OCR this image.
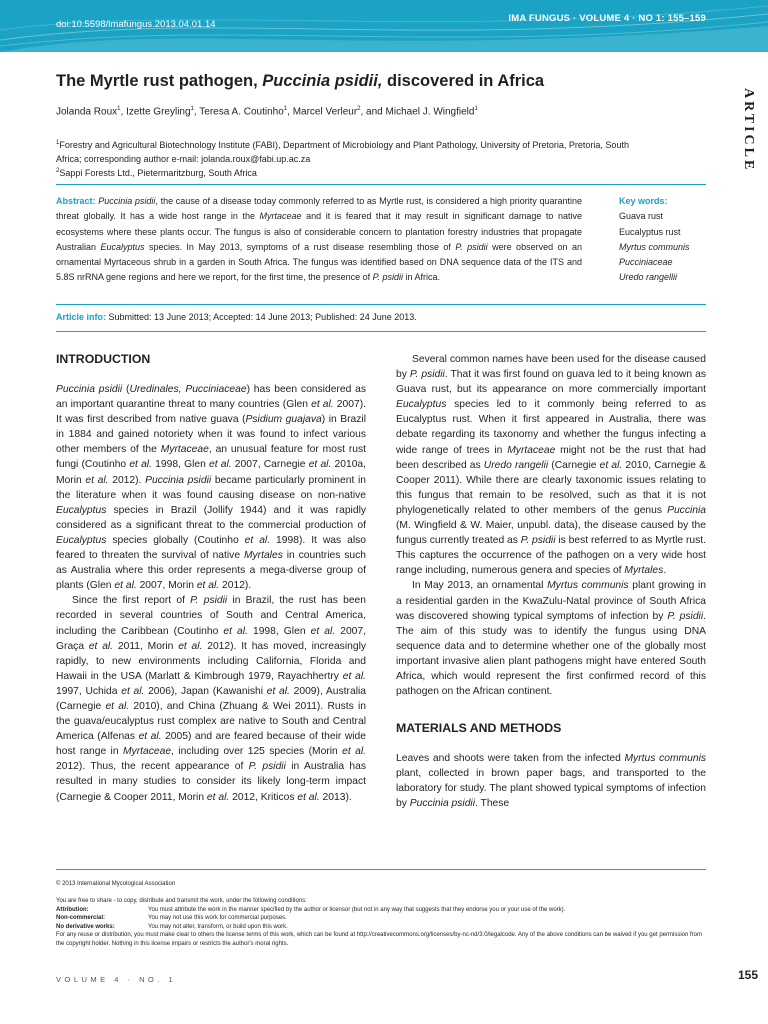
doi:10.5598/imafungus.2013.04.01.14
IMA FUNGUS · VOLUME 4 · NO 1: 155–159
ARTICLE
The Myrtle rust pathogen, Puccinia psidii, discovered in Africa
Jolanda Roux$^1$, Izette Greyling$^1$, Teresa A. Coutinho$^1$, Marcel Verleur$^2$, and Michael J. Wingfield$^1$
$^1$Forestry and Agricultural Biotechnology Institute (FABI), Department of Microbiology and Plant Pathology, University of Pretoria, Pretoria, South
Africa; corresponding author e-mail: jolanda.roux@fabi.up.ac.za
$^2$Sappi Forests Ltd., Pietermaritzburg, South Africa

Abstract: Puccinia psidii, the cause of a disease today commonly referred to as Myrtle rust, is considered a high priority quarantine threat globally. It has a wide host range in the Myrtaceae and it is feared that it may result in significant damage to native ecosystems where these plants occur. The fungus is also of considerable concern to plantation forestry industries that propagate Australian Eucalyptus species. In May 2013, symptoms of a rust disease resembling those of P. psidii were observed on an ornamental Myrtaceous shrub in a garden in South Africa. The fungus was identified based on DNA sequence data of the ITS and 5.8S nrRNA gene regions and here we report, for the first time, the presence of P. psidii in Africa.

Key words:
Guava rust
Eucalyptus rust
Myrtus communis
Pucciniaceae
Uredo rangellii
Article info: Submitted: 13 June 2013; Accepted: 14 June 2013; Published: 24 June 2013.
INTRODUCTION

Puccinia psidii (Uredinales, Pucciniaceae) has been considered as an important quarantine threat to many countries (Glen et al. 2007). It was first described from native guava (Psidium guajava) in Brazil in 1884 and gained notoriety when it was found to infect various other members of the Myrtaceae, an unusual feature for most rust fungi (Coutinho et al. 1998, Glen et al. 2007, Carnegie et al. 2010a, Morin et al. 2012). Puccinia psidii became particularly prominent in the literature when it was found causing disease on non-native Eucalyptus species in Brazil (Jollify 1944) and it was rapidly considered as a significant threat to the commercial production of Eucalyptus species globally (Coutinho et al. 1998). It was also feared to threaten the survival of native Myrtales in countries such as Australia where this order represents a mega-diverse group of plants (Glen et al. 2007, Morin et al. 2012).

Since the first report of P. psidii in Brazil, the rust has been recorded in several countries of South and Central America, including the Caribbean (Coutinho et al. 1998, Glen et al. 2007, Graça et al. 2011, Morin et al. 2012). It has moved, increasingly rapidly, to new environments including California, Florida and Hawaii in the USA (Marlatt & Kimbrough 1979, Rayachhertry et al. 1997, Uchida et al. 2006), Japan (Kawanishi et al. 2009), Australia (Carnegie et al. 2010), and China (Zhuang & Wei 2011). Rusts in the guava/eucalyptus rust complex are native to South and Central America (Alfenas et al. 2005) and are feared because of their wide host range in Myrtaceae, including over 125 species (Morin et al. 2012). Thus, the recent appearance of P. psidii in Australia has resulted in many studies to consider its likely long-term impact (Carnegie & Cooper 2011, Morin et al. 2012, Kriticos et al. 2013).

Several common names have been used for the disease caused by P. psidii. That it was first found on guava led to it being known as Guava rust, but its appearance on more commercially important Eucalyptus species led to it commonly being referred to as Eucalyptus rust. When it first appeared in Australia, there was debate regarding its taxonomy and whether the fungus infecting a wide range of trees in Myrtaceae might not be the rust that had been described as Uredo rangelii (Carnegie et al. 2010, Carnegie & Cooper 2011). While there are clearly taxonomic issues relating to this fungus that remain to be resolved, such as that it is not phylogenetically related to other members of the genus Puccinia (M. Wingfield & W. Maier, unpubl. data), the disease caused by the fungus currently treated as P. psidii is best referred to as Myrtle rust. This captures the occurrence of the pathogen on a very wide host range including, numerous genera and species of Myrtales.

In May 2013, an ornamental Myrtus communis plant growing in a residential garden in the KwaZulu-Natal province of South Africa was discovered showing typical symptoms of infection by P. psidii. The aim of this study was to identify the fungus using DNA sequence data and to determine whether one of the globally most important invasive alien plant pathogens might have entered South Africa, which would represent the first confirmed record of this pathogen on the African continent.

MATERIALS AND METHODS

Leaves and shoots were taken from the infected Myrtus communis plant, collected in brown paper bags, and transported to the laboratory for study. The plant showed typical symptoms of infection by Puccinia psidii. These

© 2013 International Mycological Association
You are free to share - to copy, distribute and transmit the work, under the following conditions:
Attribution:	You must attribute the work in the manner specified by the author or licensor (but not in any way that suggests that they endorse you or your use of the work).
Non-commercial:	You may not use this work for commercial purposes.
No derivative works:	You may not alter, transform, or build upon this work.
For any reuse or distribution, you must make clear to others the license terms of this work, which can be found at http://creativecommons.org/licenses/by-nc-nd/3.0/legalcode. Any of the above conditions can be waived if you get permission from the copyright holder. Nothing in this license impairs or restricts the author's moral rights.
VOLUME 4 · NO. 1	155
